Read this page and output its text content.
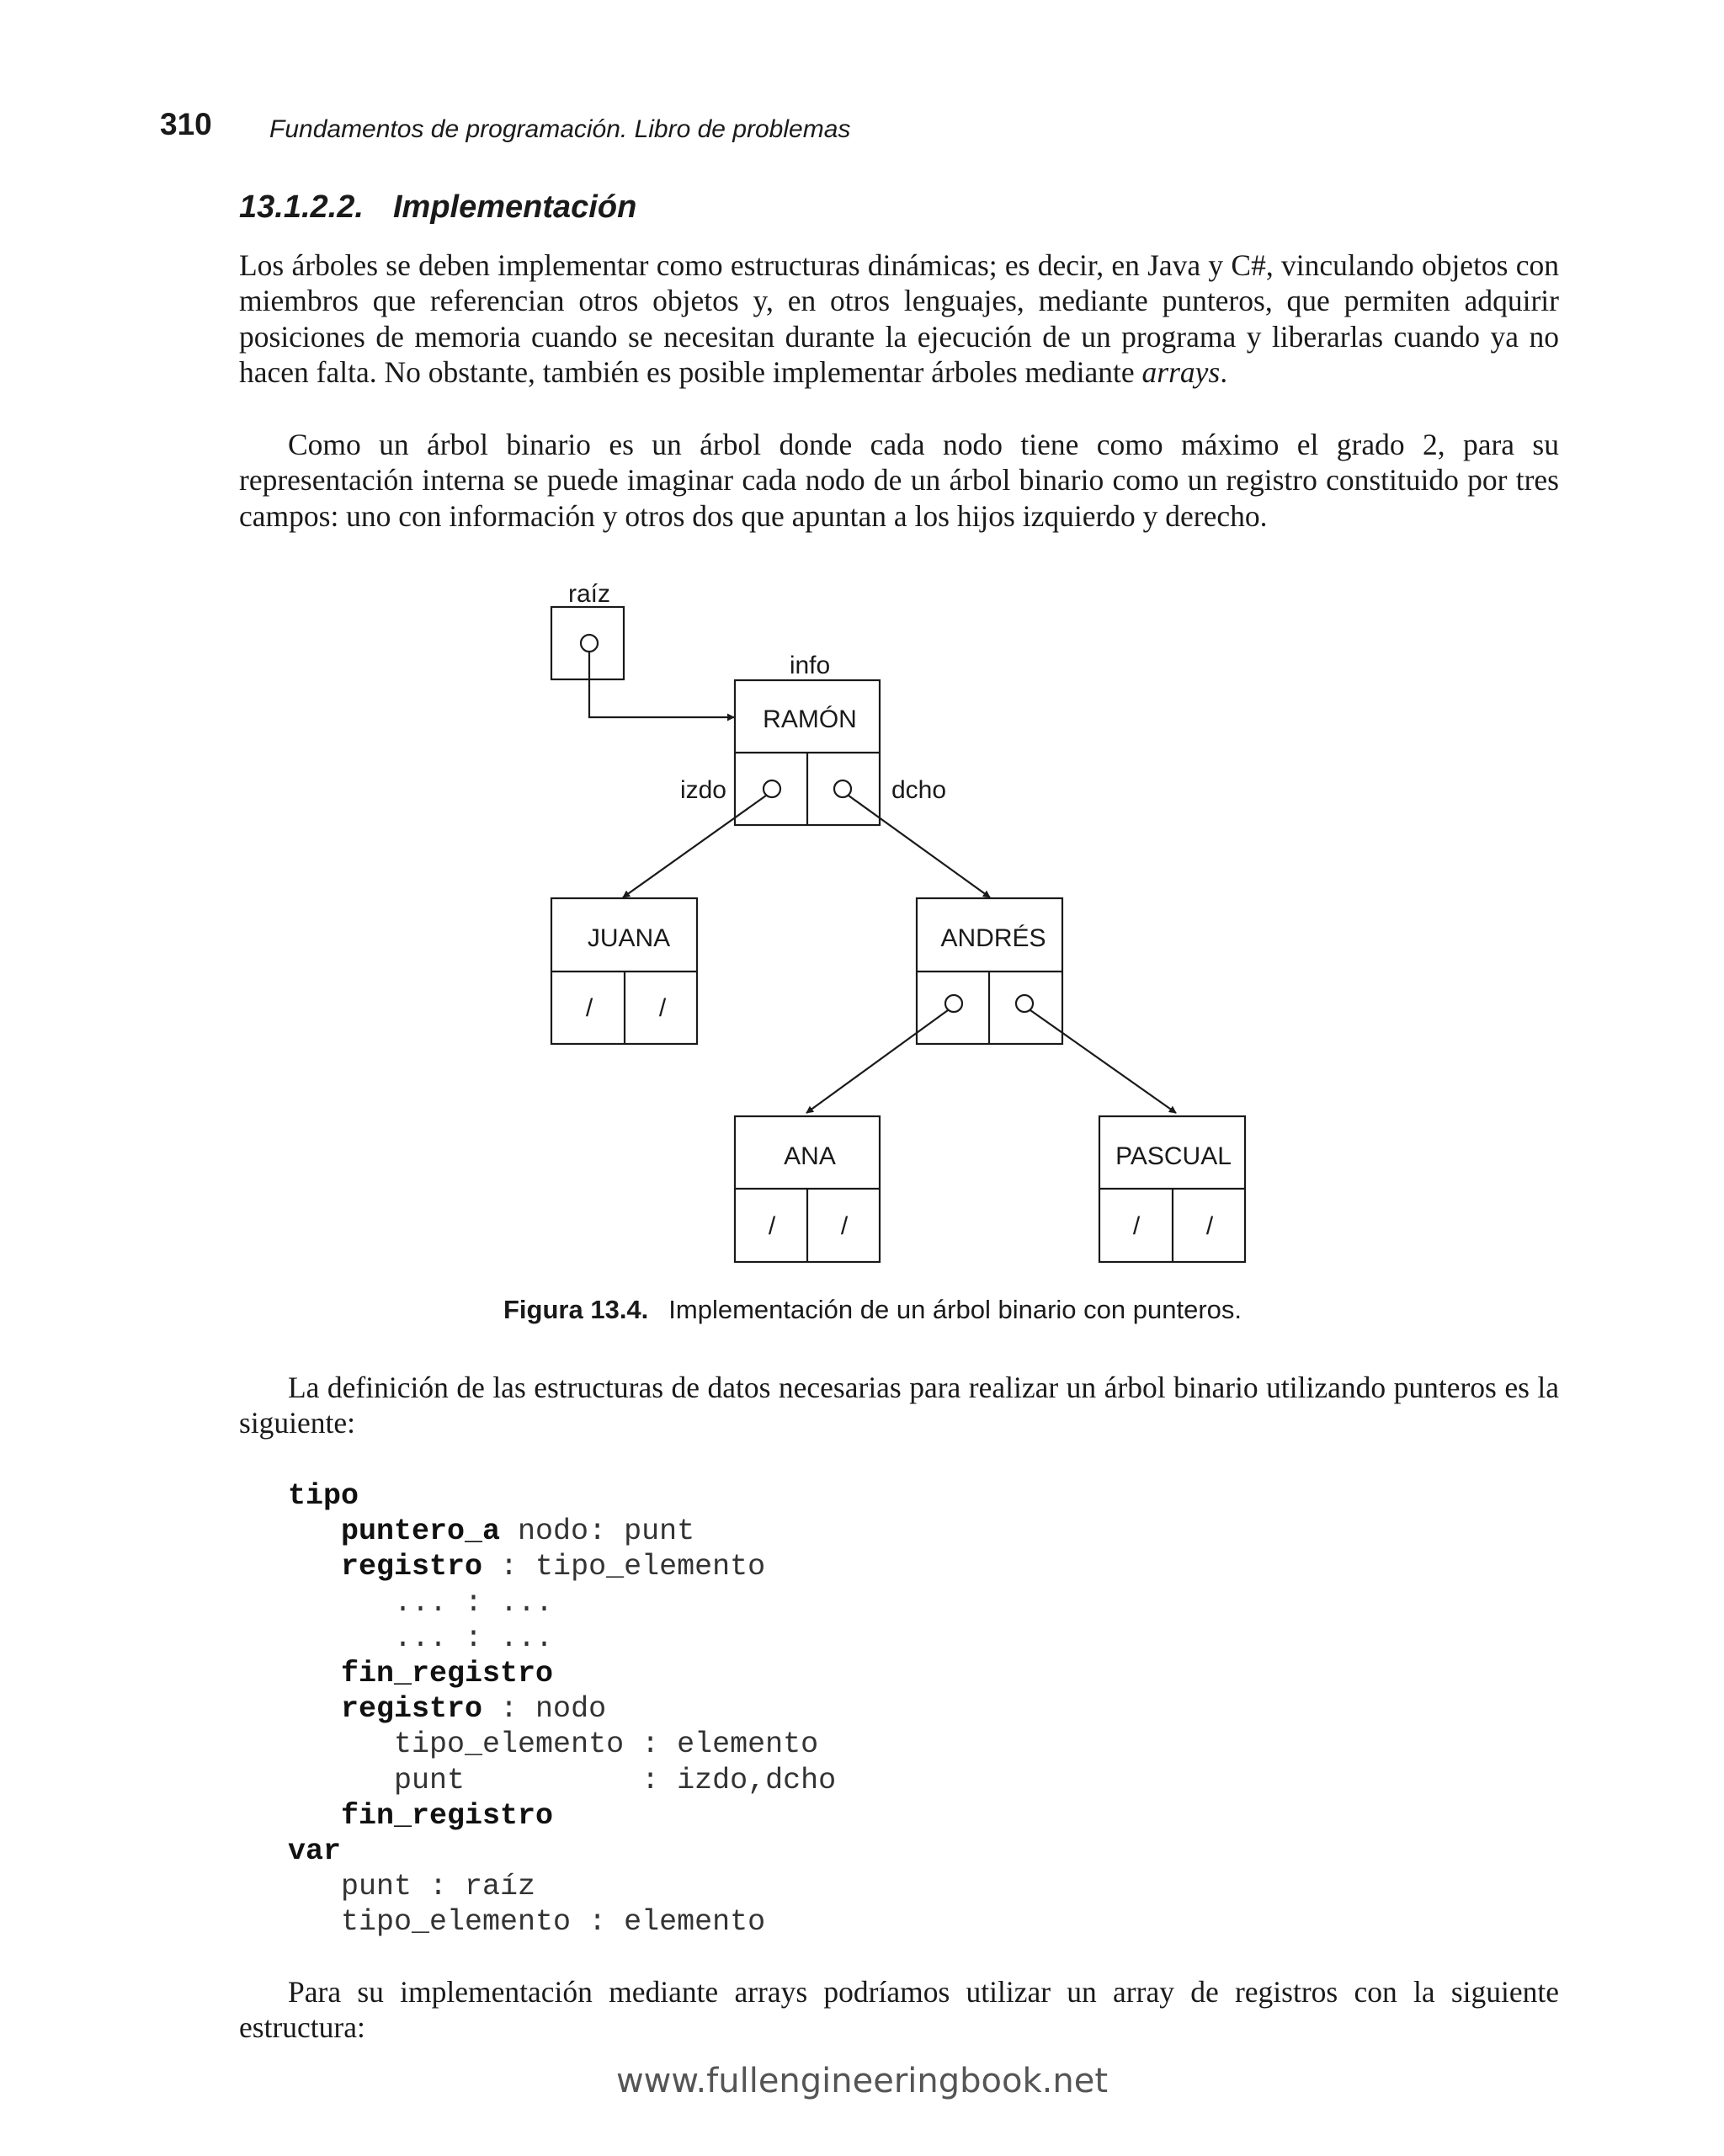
310 Fundamentos de programación. Libro de problemas
13.1.2.2. Implementación

Los árboles se deben implementar como estructuras dinámicas; es decir, en Java y C#, vinculando objetos con miembros que referencian otros objetos y, en otros lenguajes, mediante punteros, que permiten adquirir posiciones de memoria cuando se necesitan durante la ejecución de un programa y liberarlas cuando ya no hacen falta. No obstante, también es posible implementar árboles mediante arrays.

Como un árbol binario es un árbol donde cada nodo tiene como máximo el grado 2, para su representación interna se puede imaginar cada nodo de un árbol binario como un registro constituido por tres campos: uno con información y otros dos que apuntan a los hijos izquierdo y derecho.

raíz
info
izdo	dcho
RAMÓN
JUANA	ANDRÉS
ANA	PASCUAL
/	/
/	/	/	/
Figura 13.4. Implementación de un árbol binario con punteros.

La definición de las estructuras de datos necesarias para realizar un árbol binario utilizando punteros es la siguiente:

tipo
puntero_a nodo: punt
registro : tipo_elemento
... : ...
... : ...
fin_registro
registro : nodo
tipo_elemento : elemento
punt          : izdo,dcho
fin_registro
var
punt : raíz
tipo_elemento : elemento

Para su implementación mediante arrays podríamos utilizar un array de registros con la siguiente estructura:

www.fullengineeringbook.net
